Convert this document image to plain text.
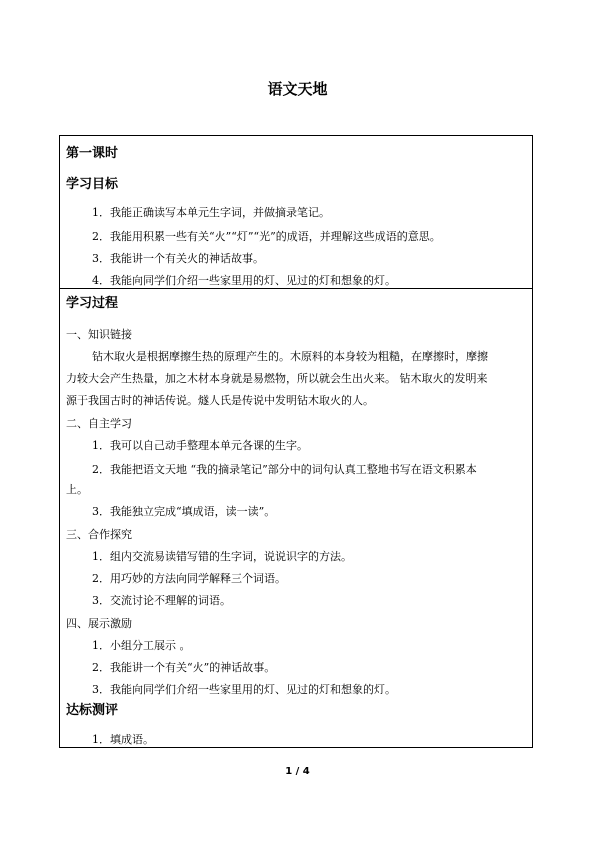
语文天地
第一课时
学习目标
1．我能正确读写本单元生字词，并做摘录笔记。
2．我能用积累一些有关“火”“灯”“光”的成语，并理解这些成语的意思。
3．我能讲一个有关火的神话故事。
4．我能向同学们介绍一些家里用的灯、见过的灯和想象的灯。
学习过程
一、知识链接
钻木取火是根据摩擦生热的原理产生的。木原料的本身较为粗糙，在摩擦时，摩擦
力较大会产生热量，加之木材本身就是易燃物，所以就会生出火来。 钻木取火的发明来
源于我国古时的神话传说。燧人氏是传说中发明钻木取火的人。
二、自主学习
1．我可以自己动手整理本单元各课的生字。
2．我能把语文天地 “我的摘录笔记”部分中的词句认真工整地书写在语文积累本
上。
3．我能独立完成“填成语，读一读”。
三、合作探究
1．组内交流易读错写错的生字词，说说识字的方法。
2．用巧妙的方法向同学解释三个词语。
3．交流讨论不理解的词语。
四、展示激励
1．小组分工展示 。
2．我能讲一个有关“火”的神话故事。
3．我能向同学们介绍一些家里用的灯、见过的灯和想象的灯。
达标测评
1．填成语。
1 / 4
